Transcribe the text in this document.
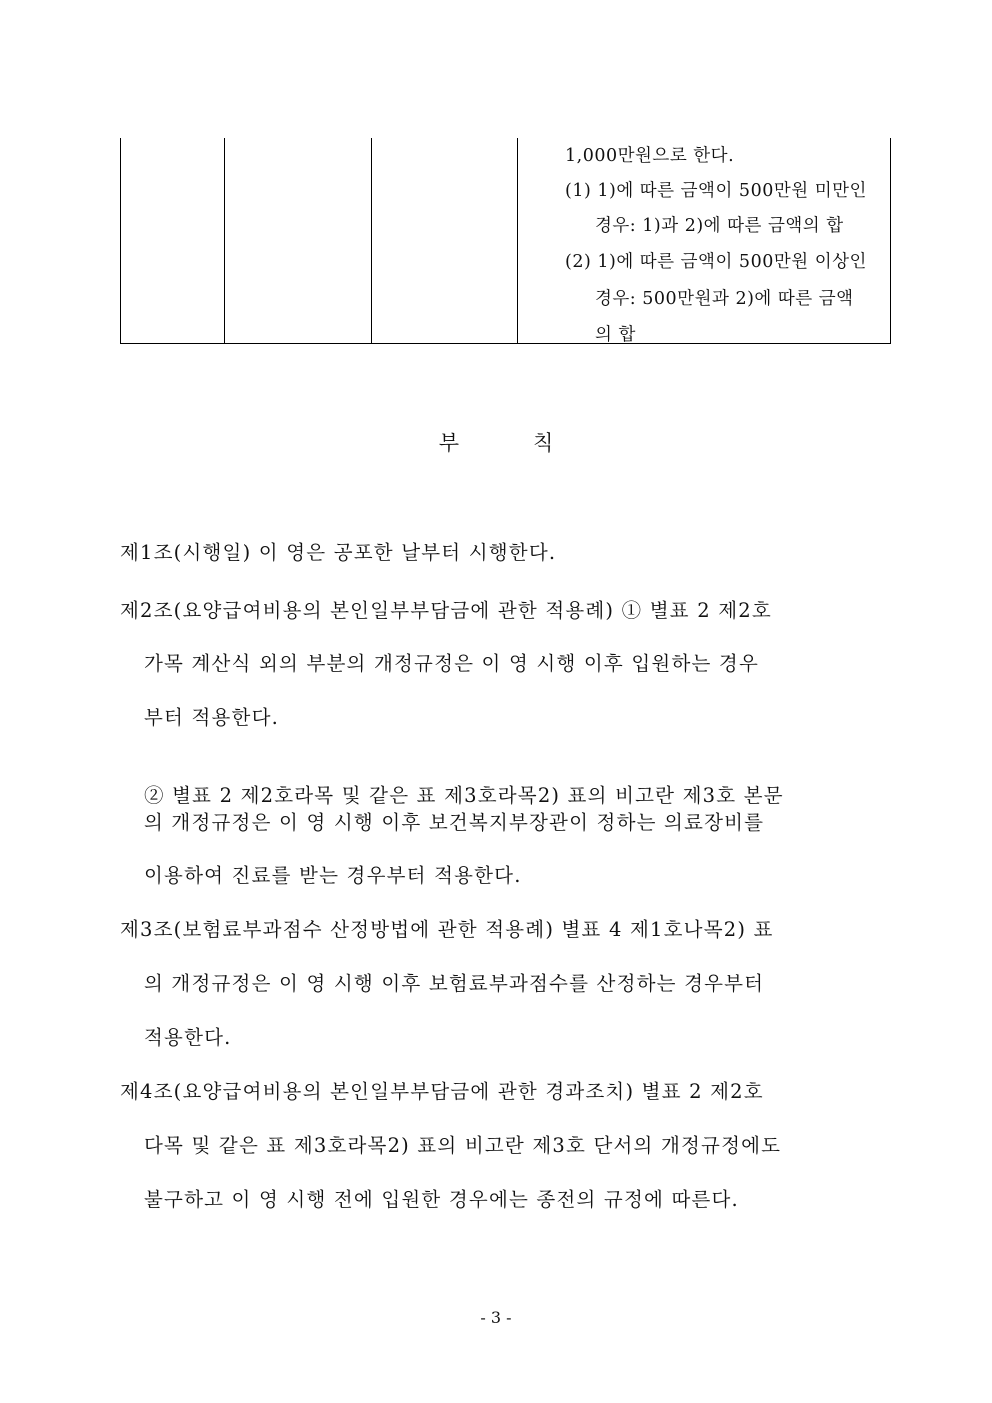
1,000만원으로 한다.
(1) 1)에 따른 금액이 500만원 미만인
경우: 1)과 2)에 따른 금액의 합
(2) 1)에 따른 금액이 500만원 이상인
경우: 500만원과 2)에 따른 금액
의 합
부	칙
제1조(시행일) 이 영은 공포한 날부터 시행한다.
제2조(요양급여비용의 본인일부부담금에 관한 적용례) ① 별표 2 제2호
가목 계산식 외의 부분의 개정규정은 이 영 시행 이후 입원하는 경우
부터 적용한다.
② 별표 2 제2호라목 및 같은 표 제3호라목2) 표의 비고란 제3호 본문
의 개정규정은 이 영 시행 이후 보건복지부장관이 정하는 의료장비를
이용하여 진료를 받는 경우부터 적용한다.
제3조(보험료부과점수 산정방법에 관한 적용례) 별표 4 제1호나목2) 표
의 개정규정은 이 영 시행 이후 보험료부과점수를 산정하는 경우부터
적용한다.
제4조(요양급여비용의 본인일부부담금에 관한 경과조치) 별표 2 제2호
다목 및 같은 표 제3호라목2) 표의 비고란 제3호 단서의 개정규정에도
불구하고 이 영 시행 전에 입원한 경우에는 종전의 규정에 따른다.
- 3 -
